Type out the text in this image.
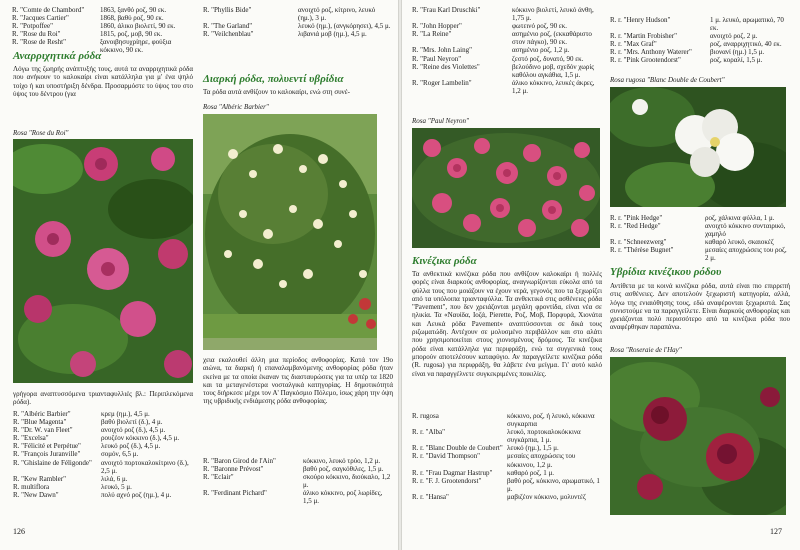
R. "Comte de Chambord"	1863, ξανθό ροζ, 90 εκ.
R. "Jacques Cartier"	1868, βαθύ ροζ, 90 εκ.
R. "Potpoffee"	1860, άλικο βιολετί, 90 εκ.
R. "Rose du Roi"	1815, ροζ, μοβ, 90 εκ.
R. "Rose de Resht"	ξανοιβησυχρίηρε, φούξια κόκκινο, 90 εκ.
R. "Phyllis Bide"	ανοιχτό ροζ, κίτρινο, λευκό (ημ.), 3 μ.
R. "The Garland"	λευκό (ημ.), (ανγκόρησει), 4,5 μ.
R. "Veilchenblau"	λιβανιά μοβ (ημ.), 4,5 μ.
Αναρριχητικά ρόδα

Λόγω της ζωηρής ανάπτυξής τους, αυτά τα αναρριχητικά ρόδα που ανήκουν το καλοκαίρι είναι κατάλληλα για μ' ένα ψηλό τοίχο ή και υποστήριξη δένδρα. Προσαρμόστε το ύψος του στο ύψος του δέντρου (για

Rosa "Rose du Roi"

γρήγορα αναπτυσσόμενα τριανταφυλλιές βλ.: Περιπλεκόμενα ρόδα).

R. "Albéric Barbier"	κρεμ (ημ.), 4,5 μ.
R. "Blue Magenta"	βαθύ βιολετί (δ.), 4 μ.
R. "Dr. W. van Fleet"	ανοιχτό ροζ (δ.), 4,5 μ.
R. "Excelsa"	ρουζέον κόκκινο (δ.), 4,5 μ.
R. "Félicité et Perpétue"	λευκό ροζ (δ.), 4,5 μ.
R. "François Juranville"	σομόν, 6,5 μ.
R. "Ghislaine de Féligonde"	ανοιχτό πορτοκαλοκίτρινο (δ.), 2,5 μ.
R. "Kew Rambler"	λιλά, 6 μ.
R. multiflora	λευκό, 5 μ.
R. "New Dawn"	πολύ αχνό ροζ (ημ.), 4 μ.
Διαρκή ρόδα, πολυεντί υβρίδια

Τα ρόδα αυτά ανθίζουν το καλοκαίρι, ενώ στη συνέ-

Rosa "Albéric Barbier"

χεια εκαλουθεί άλλη μια περίοδος ανθοφορίας. Κατά τον 19ο αιώνα, τα διαρκή ή επαναλαμβανόμενης ανθοφορίας ρόδα ήταν εκείνα με τα οποία έκαναν τις διασταυρώσεις για τα υπέρ τα 1820 και τα μεταγενέστερα νοσταλγικά κατηγορίας. Η δημοτικότητά τους διήρκεσε μέχρι τον Α' Παγκόσμιο Πόλεμο, ίσως χάρη την όψη της υβριδικής ενδιάμεσης ρόδα ανθοφορίας.

R. "Baron Girod de l'Ain"	κόκκινο, λευκό τρύο, 1,2 μ.
R. "Baronne Prévost"	βαθύ ροζ, σαγκόθιλες, 1,5 μ.
R. "Eclair"	σκούρο κόκκινο, διούκαλο, 1,2 μ.
R. "Ferdinant Pichard"	άλικο κόκκινο, ροζ λωρίδες, 1,5 μ.
126
R. "Frau Karl Druschki"	κόκκινο βιολετί, λευκό άνθη, 1,75 μ.
R. "John Hopper"	φωτεινό ροζ, 90 εκ.
R. "La Reine"	ασημένιο ροζ, (εκκαθάριστο στον πάγκο), 90 εκ.
R. "Mrs. John Laing"	ασημένιο ροζ, 1,2 μ.
R. "Paul Neyron"	ζεστό ροζ, δυνατό, 90 εκ.
R. "Reine des Violettes"	βελούδινο μοβ, σχεδόν χωρίς καθόλου αγκάθια, 1,5 μ.
R. "Roger Lambelin"	άλικο κόκκινο, λευκές άκρες, 1,2 μ.
R. r. "Henry Hudson"	1 μ. λευκό, αρωματικό, 70 εκ.
R. r. "Martin Frobisher"	ανοιχτό ροζ, 2 μ.
R. r. "Max Graf"	ροζ, αναρριχητικό, 40 εκ.
R. r. "Mrs. Anthony Waterer"	βιονανί (ημ.) 1,5 μ.
R. r. "Pink Grootendorst"	ροζ, κοραλί, 1,5 μ.
Rosa rugosa "Blanc Double de Coubert"
Rosa "Paul Neyron"
R. r. "Pink Hedge"	ροζ, χάλκινα φύλλα, 1 μ.
R. r. "Red Hedge"	ανοιχτό κόκκινο συνταιρικό, χαμηλό
R. r. "Schneezwerg"	καθαρό λευκό, σκαιοκέζ
R. r. "Thérèse Bugnet"	μεσαίες αποχρώσεις του ροζ, 2 μ.
Κινέζικα ρόδα

Τα ανθεκτικά κινέζικα ρόδα που ανθίζουν καλοκαίρι ή πολλές φορές είναι διαρκούς ανθοφορίας, αναγνωρίζονται εύκολα από τα φύλλα τους που μοιάζουν να έχουν νερά, γεγονός που τα ξεχωρίζει από τα υπόλοιπα τριανταφύλλα. Τα ανθεκτικά στις ασθένειες ρόδα "Pavement", που δεν χρειάζονται μεγάλη φροντίδα, είναι νέα σε ηλικία. Τα «Ναυίδα, Ιοζά, Pierette, Ροζ, Μοβ, Πορφυρά, Χιονάτα και Λευκά ρόδα Pavement» αναπτύσσονται σε δικά τους ριζωματώδη. Αντέχουν σε μολυσμένο περιβάλλον και στο αλάτι που χρησιμοποιείται στους χιονισμένους δρόμους. Τα κινέζικα ρόδα είναι κατάλληλα για περιφράξη, ενώ τα συγγενικά τους μπορούν αποτελέσουν καταφύγιο. Αν παραγγείλετε κινέζικα ρόδα (R. rugosa) για περιφράξη, θα λάβετε ένα μείγμα. Γι' αυτό καλό είναι να παραγγέλνετε συγκεκριμένες ποικιλίες.

R. rugosa	κόκκινο, ροζ, ή λευκό, κόκκινα συγκαρπια
R. r. "Alba"	λευκό, πορτοκαλοκόκκινα συγκάρπια, 1 μ.
R. r. "Blanc Double de Coubert" λευκό (ημ.), 1,5 μ.
R. r. "David Thompson"	μεσαίες αποχρώσεις του κόκκινου, 1,2 μ.
R. r. "Frau Dagmar Hastrup"	καθαρό ροζ, 1 μ.
R. r. "F. J. Grootendorst"	βαθύ ροζ, κόκκινο, αρωματικό, 1 μ.
R. r. "Hansa"	μαβιζέον κόκκινο, μολυντέζ
Υβρίδια κινέζικου ρόδου

Αντίθετα με τα κοινά κινέζικα ρόδα, αυτά είναι πιο επιρρεπή στις ασθένειες. Δεν αποτελούν ξεχωριστή κατηγορία, αλλά, λόγω της ενιαιόθησης τους, εδώ αναφέρονται ξεχωριστά. Σας συνιστούμε να τα παραγγείλετε. Είναι διαρκούς ανθοφορίας και χρειάζονται πολύ περισσότερο από τα κινέζικα ρόδα που αναφέρθηκαν παραπάνω.

Rosa "Roseraie de l'Hay"
127
